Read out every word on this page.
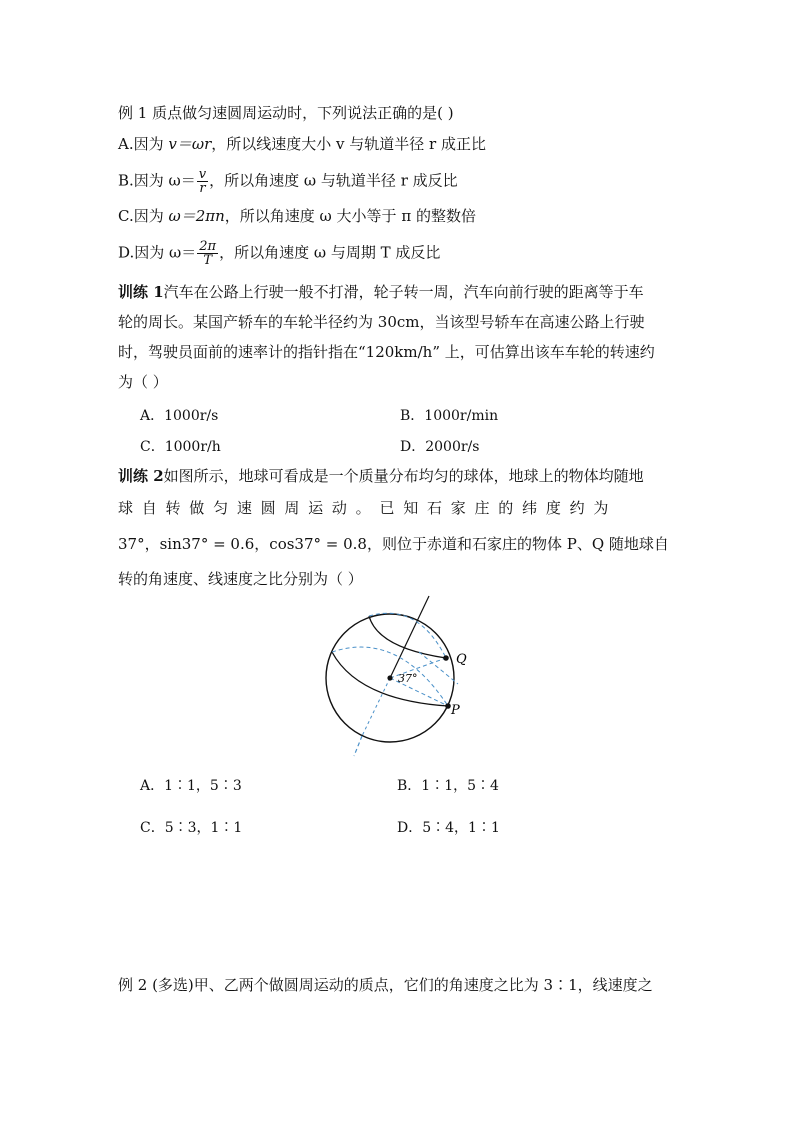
例 1 质点做匀速圆周运动时，下列说法正确的是( )
A.因为 v＝ωr，所以线速度大小 v 与轨道半径 r 成正比
B.因为 $\omega= \frac{v}{r}$ ，所以角速度 ω 与轨道半径 r 成反比
C.因为 ω＝2πn，所以角速度 ω 大小等于 π 的整数倍
D.因为 $\omega= \frac{2\pi}{T}$ ，所以角速度 ω 与周期 T 成反比
训练 1汽车在公路上行驶一般不打滑，轮子转一周，汽车向前行驶的距离等于车
轮的周长。某国产轿车的车轮半径约为 30cm，当该型号轿车在高速公路上行驶
时，驾驶员面前的速率计的指针指在“120km/h” 上，可估算出该车车轮的转速约
为（ ）
A．1000r/s	B．1000r/min
C．1000r/h	D．2000r/s
训练 2如图所示，地球可看成是一个质量分布均匀的球体，地球上的物体均随地
球 自 转 做 匀 速 圆 周 运 动 。 已 知 石 家 庄 的 纬 度 约 为
37°，sin37° = 0.6，cos37° = 0.8，则位于赤道和石家庄的物体 P、Q 随地球自
转的角速度、线速度之比分别为（ ）
Q
P
37°
A．1∶1，5∶3	B．1∶1，5∶4
C．5∶3，1∶1	D．5∶4，1∶1
例 2 (多选)甲、乙两个做圆周运动的质点，它们的角速度之比为 3∶1，线速度之
